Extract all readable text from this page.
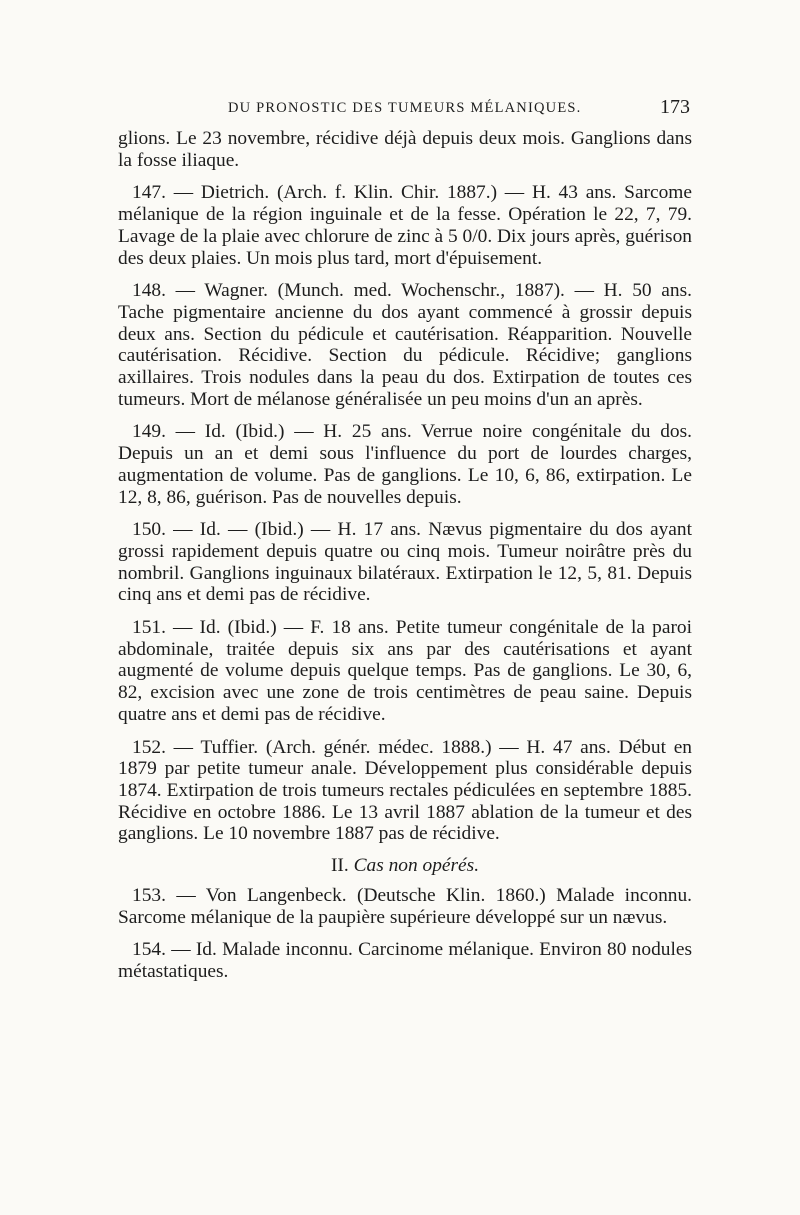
DU PRONOSTIC DES TUMEURS MÉLANIQUES.	173

glions. Le 23 novembre, récidive déjà depuis deux mois. Ganglions dans la fosse iliaque.

147. — Dietrich. (Arch. f. Klin. Chir. 1887.) — H. 43 ans. Sarcome mélanique de la région inguinale et de la fesse. Opération le 22, 7, 79. Lavage de la plaie avec chlorure de zinc à 5 0/0. Dix jours après, guérison des deux plaies. Un mois plus tard, mort d'épuisement.

148. — Wagner. (Munch. med. Wochenschr., 1887). — H. 50 ans. Tache pigmentaire ancienne du dos ayant commencé à grossir depuis deux ans. Section du pédicule et cautérisation. Réapparition. Nouvelle cautérisation. Récidive. Section du pédicule. Récidive; ganglions axillaires. Trois nodules dans la peau du dos. Extirpation de toutes ces tumeurs. Mort de mélanose généralisée un peu moins d'un an après.

149. — Id. (Ibid.) — H. 25 ans. Verrue noire congénitale du dos. Depuis un an et demi sous l'influence du port de lourdes charges, augmentation de volume. Pas de ganglions. Le 10, 6, 86, extirpation. Le 12, 8, 86, guérison. Pas de nouvelles depuis.

150. — Id. — (Ibid.) — H. 17 ans. Nævus pigmentaire du dos ayant grossi rapidement depuis quatre ou cinq mois. Tumeur noirâtre près du nombril. Ganglions inguinaux bilatéraux. Extirpation le 12, 5, 81. Depuis cinq ans et demi pas de récidive.

151. — Id. (Ibid.) — F. 18 ans. Petite tumeur congénitale de la paroi abdominale, traitée depuis six ans par des cautérisations et ayant augmenté de volume depuis quelque temps. Pas de ganglions. Le 30, 6, 82, excision avec une zone de trois centimètres de peau saine. Depuis quatre ans et demi pas de récidive.

152. — Tuffier. (Arch. génér. médec. 1888.) — H. 47 ans. Début en 1879 par petite tumeur anale. Développement plus considérable depuis 1874. Extirpation de trois tumeurs rectales pédiculées en septembre 1885. Récidive en octobre 1886. Le 13 avril 1887 ablation de la tumeur et des ganglions. Le 10 novembre 1887 pas de récidive.

II. Cas non opérés.

153. — Von Langenbeck. (Deutsche Klin. 1860.) Malade inconnu. Sarcome mélanique de la paupière supérieure développé sur un nævus.

154. — Id. Malade inconnu. Carcinome mélanique. Environ 80 nodules métastatiques.
